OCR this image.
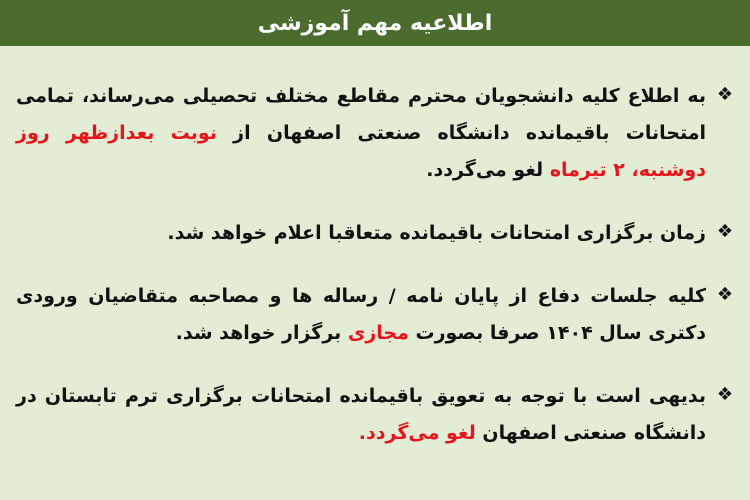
اطلاعیه مهم آموزشی
❖
به اطلاع کلیه دانشجویان محترم مقاطع مختلف تحصیلی می‌رساند، تمامی امتحانات باقیمانده دانشگاه صنعتی اصفهان از نوبت بعدازظهر روز دوشنبه، ۲ تیرماه لغو می‌گردد.
❖
زمان برگزاری امتحانات باقیمانده متعاقبا اعلام خواهد شد.
❖
کلیه جلسات دفاع از پایان نامه / رساله ها و مصاحبه متقاضیان ورودی دکتری سال ۱۴۰۴ صرفا بصورت مجازی برگزار خواهد شد.
❖
بدیهی است با توجه به تعویق باقیمانده امتحانات برگزاری ترم تابستان در دانشگاه صنعتی اصفهان لغو می‌گردد.
